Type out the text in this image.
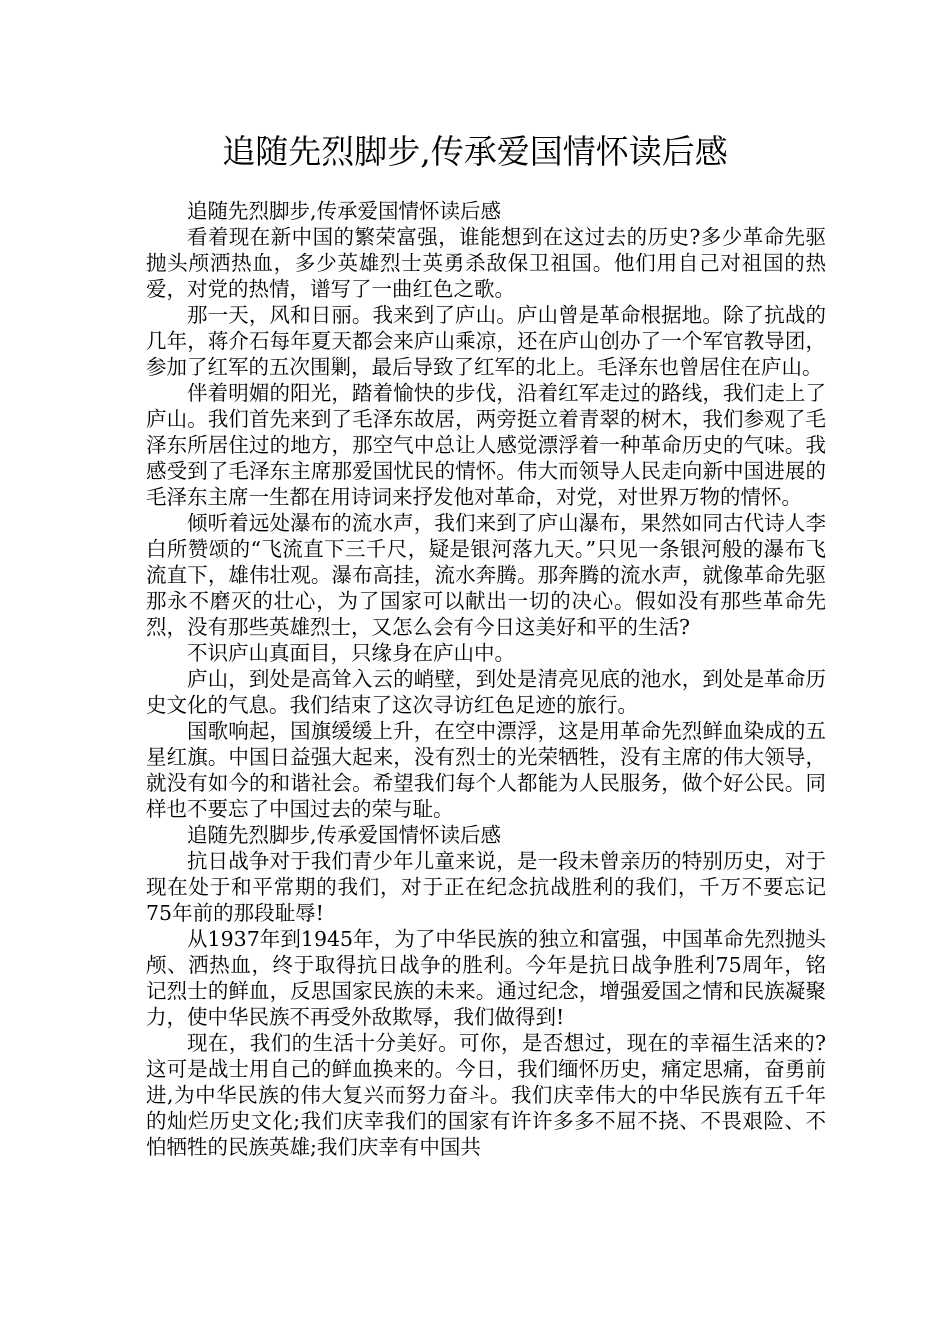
追随先烈脚步,传承爱国情怀读后感

追随先烈脚步,传承爱国情怀读后感

看着现在新中国的繁荣富强，谁能想到在这过去的历史?多少革命先驱抛头颅洒热血，多少英雄烈士英勇杀敌保卫祖国。他们用自己对祖国的热爱，对党的热情，谱写了一曲红色之歌。

那一天，风和日丽。我来到了庐山。庐山曾是革命根据地。除了抗战的几年，蒋介石每年夏天都会来庐山乘凉，还在庐山创办了一个军官教导团，参加了红军的五次围剿，最后导致了红军的北上。毛泽东也曾居住在庐山。

伴着明媚的阳光，踏着愉快的步伐，沿着红军走过的路线，我们走上了庐山。我们首先来到了毛泽东故居，两旁挺立着青翠的树木，我们参观了毛泽东所居住过的地方，那空气中总让人感觉漂浮着一种革命历史的气味。我感受到了毛泽东主席那爱国忧民的情怀。伟大而领导人民走向新中国进展的毛泽东主席一生都在用诗词来抒发他对革命，对党，对世界万物的情怀。

倾听着远处瀑布的流水声，我们来到了庐山瀑布，果然如同古代诗人李白所赞颂的“飞流直下三千尺，疑是银河落九天。”只见一条银河般的瀑布飞流直下，雄伟壮观。瀑布高挂，流水奔腾。那奔腾的流水声，就像革命先驱那永不磨灭的壮心，为了国家可以献出一切的决心。假如没有那些革命先烈，没有那些英雄烈士，又怎么会有今日这美好和平的生活?

不识庐山真面目，只缘身在庐山中。

庐山，到处是高耸入云的峭壁，到处是清亮见底的池水，到处是革命历史文化的气息。我们结束了这次寻访红色足迹的旅行。

国歌响起，国旗缓缓上升，在空中漂浮，这是用革命先烈鲜血染成的五星红旗。中国日益强大起来，没有烈士的光荣牺牲，没有主席的伟大领导，就没有如今的和谐社会。希望我们每个人都能为人民服务，做个好公民。同样也不要忘了中国过去的荣与耻。

追随先烈脚步,传承爱国情怀读后感

抗日战争对于我们青少年儿童来说，是一段未曾亲历的特别历史，对于现在处于和平常期的我们，对于正在纪念抗战胜利的我们，千万不要忘记75年前的那段耻辱!

从1937年到1945年，为了中华民族的独立和富强，中国革命先烈抛头颅、洒热血，终于取得抗日战争的胜利。今年是抗日战争胜利75周年，铭记烈士的鲜血，反思国家民族的未来。通过纪念，增强爱国之情和民族凝聚力，使中华民族不再受外敌欺辱，我们做得到!

现在，我们的生活十分美好。可你，是否想过，现在的幸福生活来的?这可是战士用自己的鲜血换来的。今日，我们缅怀历史，痛定思痛，奋勇前进,为中华民族的伟大复兴而努力奋斗。我们庆幸伟大的中华民族有五千年的灿烂历史文化;我们庆幸我们的国家有许许多多不屈不挠、不畏艰险、不怕牺牲的民族英雄;我们庆幸有中国共
